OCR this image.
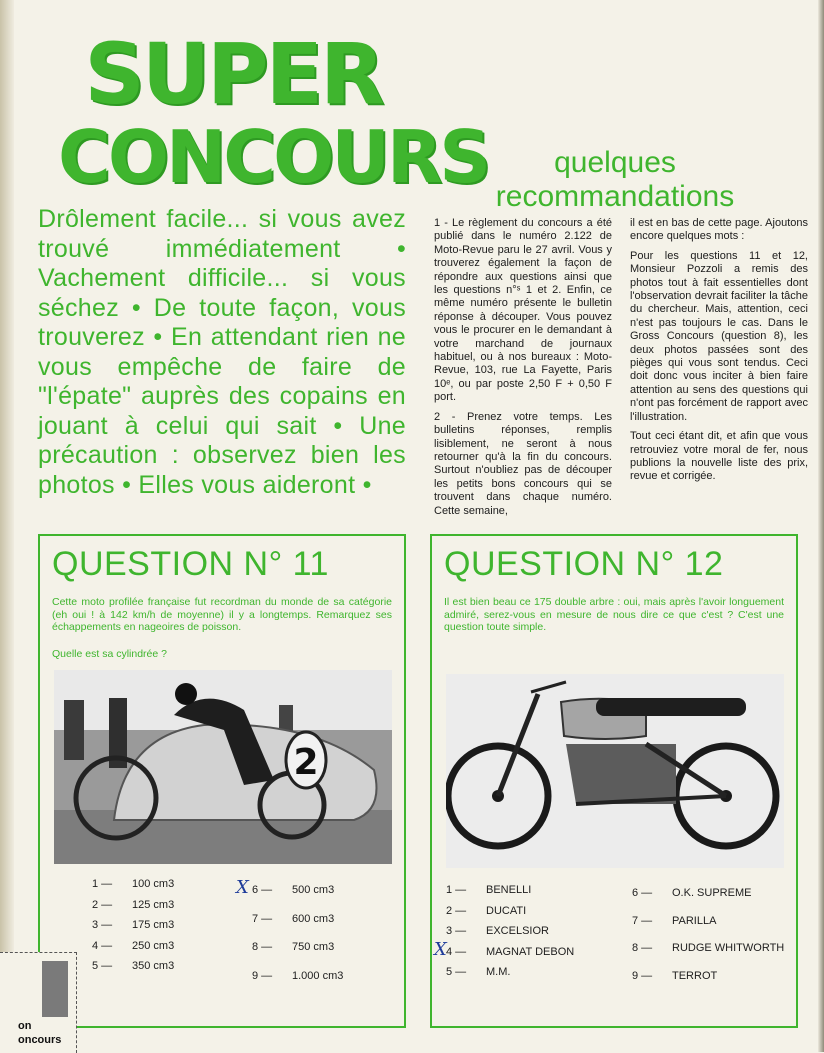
SUPER
CONCOURS
Drôlement facile... si vous avez trouvé immédiatement • Vachement difficile... si vous séchez • De toute façon, vous trouverez • En attendant rien ne vous empêche de faire de "l'épate" auprès des copains en jouant à celui qui sait • Une précaution : observez bien les photos • Elles vous aideront •
quelques
recommandations

1 - Le règlement du concours a été publié dans le numéro 2.122 de Moto-Revue paru le 27 avril. Vous y trouverez également la façon de répondre aux questions ainsi que les questions n°ˢ 1 et 2. Enfin, ce même numéro présente le bulletin réponse à découper. Vous pouvez vous le procurer en le demandant à votre marchand de journaux habituel, ou à nos bureaux : Moto-Revue, 103, rue La Fayette, Paris 10ᵉ, ou par poste 2,50 F + 0,50 F port.

2 - Prenez votre temps. Les bulletins réponses, remplis lisiblement, ne seront à nous retourner qu'à la fin du concours. Surtout n'oubliez pas de découper les petits bons concours qui se trouvent dans chaque numéro. Cette semaine,

il est en bas de cette page. Ajoutons encore quelques mots :

Pour les questions 11 et 12, Monsieur Pozzoli a remis des photos tout à fait essentielles dont l'observation devrait faciliter la tâche du chercheur. Mais, attention, ceci n'est pas toujours le cas. Dans le Gross Concours (question 8), les deux photos passées sont des pièges qui vous sont tendus. Ceci doit donc vous inciter à bien faire attention au sens des questions qui n'ont pas forcément de rapport avec l'illustration.

Tout ceci étant dit, et afin que vous retrouviez votre moral de fer, nous publions la nouvelle liste des prix, revue et corrigée.

QUESTION N° 11
Cette moto profilée française fut recordman du monde de sa catégorie (eh oui ! à 142 km/h de moyenne) il y a longtemps. Remarquez ses échappements en nageoires de poisson.
Quelle est sa cylindrée ?
2
1 — 100 cm3
2 — 125 cm3
3 — 175 cm3
4 — 250 cm3
5 — 350 cm3
X 6 — 500 cm3
7 — 600 cm3
8 — 750 cm3
9 — 1.000 cm3
QUESTION N° 12
Il est bien beau ce 175 double arbre : oui, mais après l'avoir longuement admiré, serez-vous en mesure de nous dire ce que c'est ? C'est une question toute simple.
1 — BENELLI
2 — DUCATI
3 — EXCELSIOR
X 4 — MAGNAT DEBON
5 — M.M.
6 — O.K. SUPREME
7 — PARILLA
8 — RUDGE WHITWORTH
9 — TERROT
on
oncours
